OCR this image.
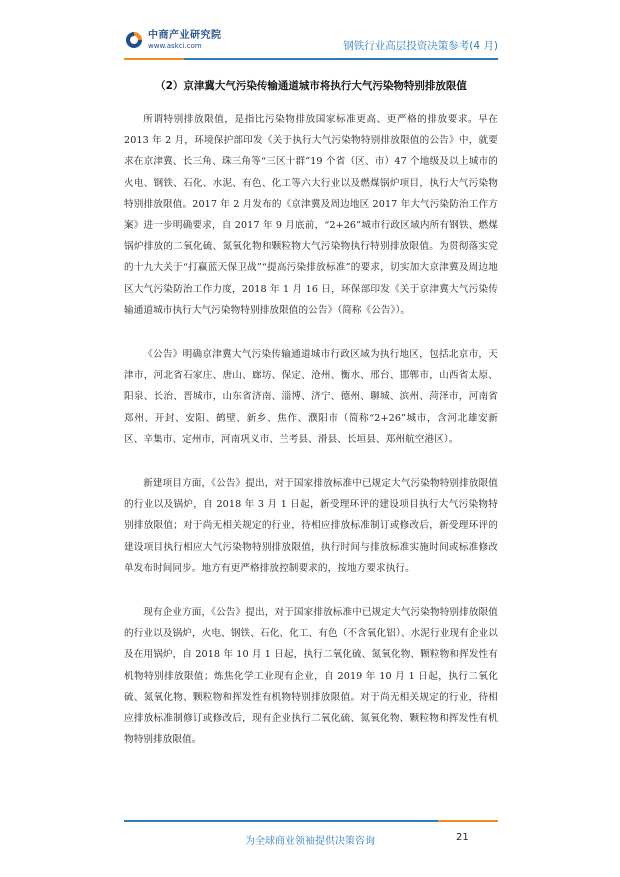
中商产业研究院
www.askci.com	钢铁行业高层投资决策参考(4 月)
（2）京津冀大气污染传输通道城市将执行大气污染物特别排放限值

所谓特别排放限值，是指比污染物排放国家标准更高、更严格的排放要求。早在 2013 年 2 月，环境保护部印发《关于执行大气污染物特别排放限值的公告》中，就要求在京津冀、长三角、珠三角等“三区十群”19 个省（区、市）47 个地级及以上城市的火电、钢铁、石化、水泥、有色、化工等六大行业以及燃煤锅炉项目，执行大气污染物特别排放限值。2017 年 2 月发布的《京津冀及周边地区 2017 年大气污染防治工作方案》进一步明确要求，自 2017 年 9 月底前，“2+26”城市行政区域内所有钢铁、燃煤锅炉排放的二氧化硫、氮氧化物和颗粒物大气污染物执行特别排放限值。为贯彻落实党的十九大关于“打赢蓝天保卫战”“提高污染排放标准”的要求，切实加大京津冀及周边地区大气污染防治工作力度，2018 年 1 月 16 日，环保部印发《关于京津冀大气污染传输通道城市执行大气污染物特别排放限值的公告》（简称《公告》）。

《公告》明确京津冀大气污染传输通道城市行政区域为执行地区，包括北京市，天津市，河北省石家庄、唐山、廊坊、保定、沧州、衡水、邢台、邯郸市，山西省太原、阳泉、长治、晋城市，山东省济南、淄博、济宁、德州、聊城、滨州、菏泽市，河南省郑州、开封、安阳、鹤壁、新乡、焦作、濮阳市（简称“2+26”城市，含河北雄安新区、辛集市、定州市，河南巩义市、兰考县、滑县、长垣县、郑州航空港区）。

新建项目方面，《公告》提出，对于国家排放标准中已规定大气污染物特别排放限值的行业以及锅炉，自 2018 年 3 月 1 日起，新受理环评的建设项目执行大气污染物特别排放限值；对于尚无相关规定的行业，待相应排放标准制订或修改后，新受理环评的建设项目执行相应大气污染物特别排放限值，执行时间与排放标准实施时间或标准修改单发布时间同步。地方有更严格排放控制要求的，按地方要求执行。

现有企业方面，《公告》提出，对于国家排放标准中已规定大气污染物特别排放限值的行业以及锅炉，火电、钢铁、石化、化工、有色（不含氧化铝）、水泥行业现有企业以及在用锅炉，自 2018 年 10 月 1 日起，执行二氧化硫、氮氧化物、颗粒物和挥发性有机物特别排放限值；炼焦化学工业现有企业，自 2019 年 10 月 1 日起，执行二氧化硫、氮氧化物、颗粒物和挥发性有机物特别排放限值。对于尚无相关规定的行业，待相应排放标准制修订或修改后，现有企业执行二氧化硫、氮氧化物、颗粒物和挥发性有机物特别排放限值。

为全球商业领袖提供决策咨询	21
